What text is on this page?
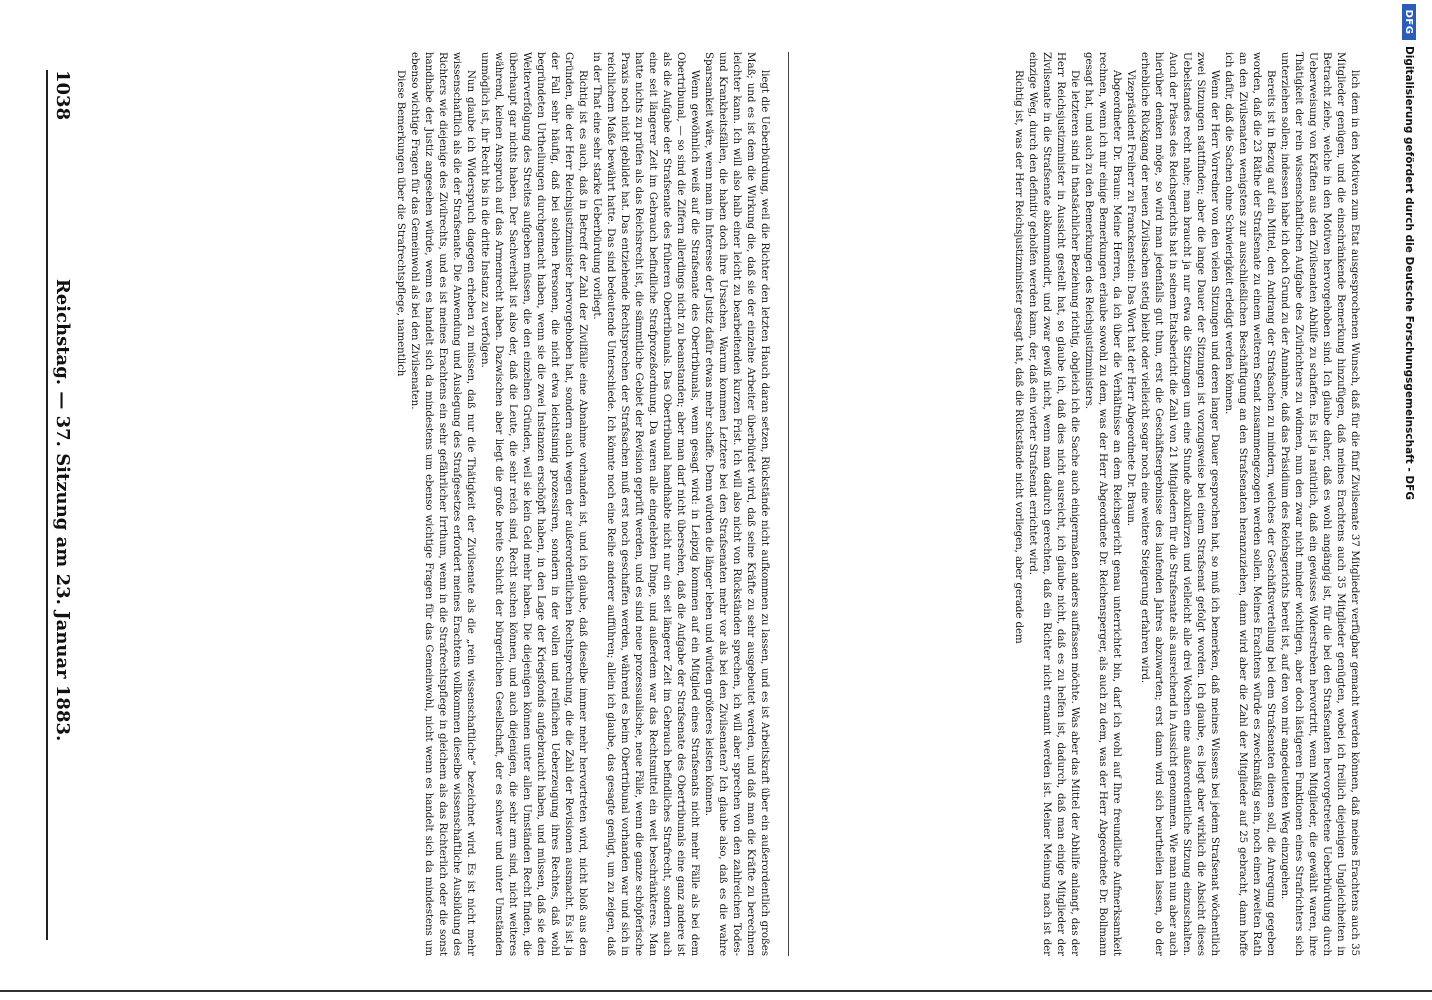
DFG
Digitalisierung gefördert durch die Deutsche Forschungsgemeinschaft - DFG

liegt die Ueberbürdung, weil die Richter den letzten Hauch daran setzen, Rückstände nicht aufkommen zu lassen, und es ist Arbeitskraft über ein außerordentlich großes Maß; und es ist dem die Wirkung die, daß sie der einzelne Arbeiter überbürdet wird, daß seine Kräfte zu sehr ausgebeutet werden, und daß man die Kräfte zu berechnen leichter kann. Ich will also halb einer leicht zu bearbeitenden kurzen Frist. Ich will also nicht von Rückständen sprechen, ich will aber sprechen von den zahlreichen Todes- und Krankheitsfällen, die haben doch ihre Ursachen. Warum kommen Letztere bei den Strafsenaten mehr vor als bei den Zivilsenaten? Ich glaube also, daß es die wahre Sparsamkeit wäre, wenn man im Interesse der Justiz dafür etwas mehr schaffe. Denn würden die länger leben und würden größeres leisten können.

Wenn gewöhnlich weiß auf die Strafsenate des Obertribunals, wenn gesagt wird: in Leipzig kommen auf ein Mitglied eines Strafsenats nicht mehr Fälle als bei dem Obertribunal, — so sind die Ziffern allerdings nicht zu beanstanden; aber man darf nicht übersehen, daß die Aufgabe der Strafsenate des Obertribunals eine ganz andere ist als die Aufgabe der Strafsenate des früheren Obertribunals. Das Obertribunal handhabte nicht nur ein seit längerer Zeit im Gebrauch befindliches Strafrecht, sondern auch eine seit längerer Zeit im Gebrauch befindliche Strafprozeßordnung. Da waren alle eingelebten Dinge, und außerdem war das Rechtsmittel ein weit beschränkteres. Man hatte nichts zu prüfen als das Reichsrecht ist, die sämmtliche Gebiet der Revision geprüft werden, und es sind neue prozessualische, neue Fälle, wenn die ganze schöpferische Praxis noch nicht gebildet hat. Das entziehende Rechtsprechen der Strafsachen muß erst noch geschaffen werden, während es beim Obertribunal vorhanden war und sich in reichlichem Maße bewährt hatte. Das sind bedeutende Unterschiede. Ich könnte noch eine Reihe anderer aufführen; allein ich glaube, das gesagte genügt, um zu zeigen, daß in der That eine sehr starke Ueberbürdung vorliegt.

Richtig ist es auch, daß in Betreff der Zahl der Zivilfälle eine Abnahme vorhanden ist, und ich glaube, daß dieselbe immer mehr hervortreten wird, nicht bloß aus den Gründen, die der Herr Reichsjustizminister hervorgehoben hat, sondern auch wegen der außerordentlichen Rechtsprechung, die die Zahl der Revisionen ausmacht. Es ist ja der Fall sehr häufig, daß bei solchen Personen, die nicht etwa leichtsinnig prozessiren, sondern in der vollen und reiflichen Ueberzeugung ihres Rechtes, daß wohl begründeten Urtheilungen durchgemacht haben, wenn sie die zwei Instanzen erschöpft haben, in den Lage der Kriegsfonds aufgebraucht haben, und müssen, daß sie den Weiterverfolgung des Streites aufgeben müssen, die den einzelnen Gründen, weil sie kein Geld mehr haben. Die diejenigen können unter allen Umständen Recht finden, die überhaupt gar nichts haben. Der Sachverhalt ist also der, daß die Leute, die sehr reich sind, Recht suchen können, und auch diejenigen, die sehr arm sind, nicht weiteres während, keinen Anspruch auf das Armenrecht haben. Dazwischen aber liegt die große breite Schicht der bürgerlichen Gesellschaft, der es schwer und unter Umständen unmöglich ist, ihr Recht bis in die dritte Instanz zu verfolgen.

Nun glaube ich Widerspruch dagegen erheben zu müssen, daß nur die Thätigkeit der Zivilsenate als die „rein wissenschaftliche“ bezeichnet wird. Es ist nicht mehr wissenschaftlich als die der Strafsenate. Die Anwendung und Auslegung des Strafgesetzes erfordert meines Erachtens vollkommen dieselbe wissenschaftliche Ausbildung des Richters wie diejenige des Zivilrechts, und es ist meines Erachtens ein sehr gefährlicher Irrthum, wenn in die Strafrechtspflege in gleichem als das Richterlich oder die sonst handhabe der Justiz angesehen würde, wenn es handelt sich da mindestens um ebenso wichtige Fragen für das Gemeinwohl, nicht wenn es handelt sich da mindestens um ebenso wichtige Fragen für das Gemeinwohl als bei den Zivilsenaten.

Diese Bemerkungen über die Strafrechtspflege, namentlich	lich dem in den Motiven zum Etat ausgesprochenen Wunsch, daß für die fünf Zivilsenate 37 Mitglieder verfügbar gemacht werden können, daß meines Erachtens auch 35 Mitglieder genügen, und die einschränkende Bemerkung hinzufügen, daß meines Erachtens auch 35 Mitglieder genügten, wobei ich freilich diejenigen Ungleichheiten in Betracht ziehe, welche in den Motiven hervorgehoben sind. Ich glaube daher, daß es wohl angängig ist, für die bei den Strafsenaten hervorgetretene Ueberbürdung durch Ueberweisung von Kräften aus den Zivilsenaten Abhilfe zu schaffen. Es ist ja natürlich, daß ein gewisses Widerstreben hervortritt, wenn Mitglieder, die gewählt waren, ihre Thätigkeit der rein wissenschaftlichen Aufgabe des Zivilrichters zu widmen, nun den zwar nicht minder wichtigen, aber doch lästigeren Funktionen eines Strafrichters sich unterziehen sollen; indessen habe ich doch Grund zu der Annahme, daß das Präsidium des Reichsgerichts bereit ist, auf den von mir angedeuteten Weg einzugehen.

Bereits ist in Bezug auf ein Mittel, den Andrang der Strafsachen zu mindern, welches der Geschäftsverteilung bei dem Strafsenaten dienen soll, die Anregung gegeben worden, daß die 23 Räthe der Strafsenate zu einem weiteren Senat zusammengezogen werden sollen. Meines Erachtens würde es zweckmäßig sein, noch einen zweiten Rath an den Zivilsenaten wenigstens zur ausschließlichen Beschäftigung an den Strafsenaten heranzuziehen, dann wird aber die Zahl der Mitglieder auf 25 gebracht, dann hoffe ich dafür, daß die Sachen ohne Schwierigkeit erledigt werden können.

Wenn der Herr Vorredner von den vielen Sitzungen und deren langer Dauer gesprochen hat, so muß ich bemerken, daß meines Wissens bei jedem Strafsenat wöchentlich zwei Sitzungen stattfinden; aber die lange Dauer der Sitzungen ist vorzugsweise bei einem Strafsenat gefolgt worden. Ich glaube, es liegt aber wirklich die Absicht dieses Uebelstandes recht nahe; man braucht ja nur etwa die Sitzungen um eine Stunde abzukürzen und vielleicht alle drei Wochen eine außerordentliche Sitzung einzuschalten. Auch der Präses des Reichsgerichts hat in seinem Etatsbericht die Zahl von 21 Mitgliedern für die Strafsenate als ausreichend in Aussicht genommen. Wie man nun aber auch hierüber denken möge, so wird man jedenfalls gut thun, erst die Geschäftsergebnisse des laufenden Jahres abzuwarten; erst dann wird sich beurtheilen lassen, ob der erhebliche Rückgang der neuen Zivilsachen stetig bleibt oder vielleicht sogar noch eine weitere Steigerung erfahren wird.

Vizepräsident Freiherr zu Franckenstein: Das Wort hat der Herr Abgeordnete Dr. Braun.

Abgeordneter Dr. Braun: Meine Herren, da ich über die Verhältnisse an dem Reichsgericht genau unterrichtet bin, darf ich wohl auf Ihre freundliche Aufmerksamkeit rechnen, wenn ich mir einige Bemerkungen erlaube sowohl zu dem, was der Herr Abgeordnete Dr. Reichensperger, als auch zu dem, was der Herr Abgeordnete Dr. Bollmann gesagt hat, und auch zu den Bemerkungen des Reichsjustizministers.

Die letzteren sind in thatsächlicher Beziehung richtig, obgleich ich die Sache auch einigermaßen anders auffassen möchte. Was aber das Mittel der Abhilfe anlangt, das der Herr Reichsjustizminister in Aussicht gestellt hat, so glaube ich, daß dies nicht ausreicht, ich glaube nicht, daß es zu helfen ist, dadurch, daß man einige Mitglieder der Zivilsenate in die Strafsenate abkommandirt, und zwar gewiß nicht, wenn man dadurch gerechten, daß ein Richter nicht ernannt werden ist. Meiner Meinung nach ist der einzige Weg, durch den definitiv geholfen werden kann, der, daß ein vierter Strafsenat errichtet wird.

Richtig ist, was der Herr Reichsjustizminister gesagt hat, daß die Rückstände nicht vorliegen, aber gerade dem

1038
Reichstag. — 37. Sitzung am 23. Januar 1883.
